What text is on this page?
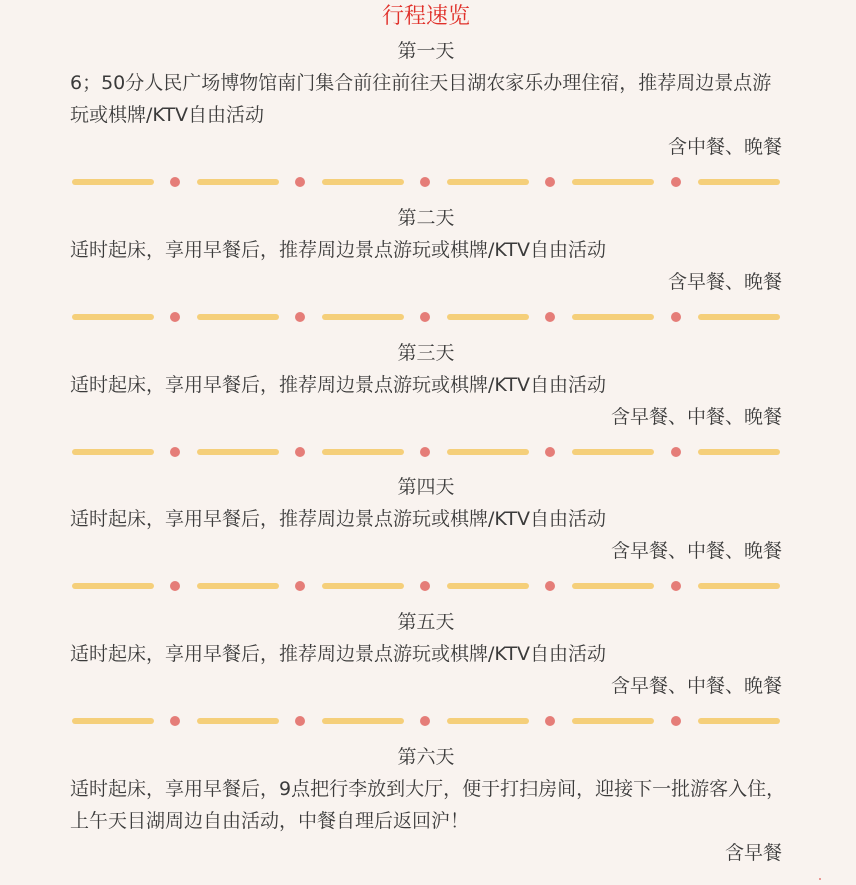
行程速览
第一天
6；50分人民广场博物馆南门集合前往前往天目湖农家乐办理住宿，推荐周边景点游玩或棋牌/KTV自由活动
含中餐、晚餐
第二天
适时起床，享用早餐后，推荐周边景点游玩或棋牌/KTV自由活动
含早餐、晚餐
第三天
适时起床，享用早餐后，推荐周边景点游玩或棋牌/KTV自由活动
含早餐、中餐、晚餐
第四天
适时起床，享用早餐后，推荐周边景点游玩或棋牌/KTV自由活动
含早餐、中餐、晚餐
第五天
适时起床，享用早餐后，推荐周边景点游玩或棋牌/KTV自由活动
含早餐、中餐、晚餐
第六天
适时起床，享用早餐后，9点把行李放到大厅，便于打扫房间，迎接下一批游客入住，上午天目湖周边自由活动，中餐自理后返回沪！
含早餐
